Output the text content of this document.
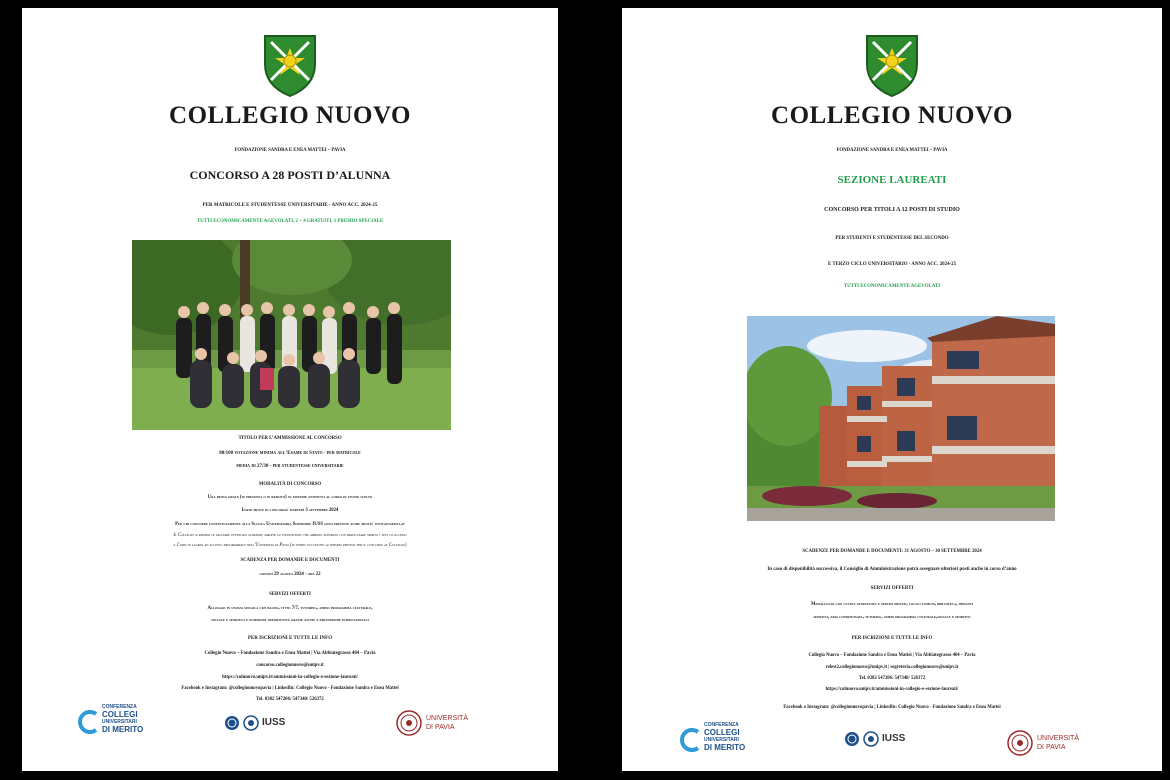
COLLEGIO NUOVO
FONDAZIONE SANDRA E ENEA MATTEI – PAVIA
CONCORSO A 28 POSTI D’ALUNNA
PER MATRICOLE E STUDENTESSE UNIVERSITARIE - ANNO ACC. 2024-25
TUTTI ECONOMICAMENTE AGEVOLATI, 2 + 4 GRATUITI, 1 PREMIO SPECIALE
TITOLO PER L’AMMISSIONE AL CONCORSO
80/100 votazione minima all’Esame di Stato - per matricole
media di 27/30 - per studentesse universitarie
MODALITÀ DI CONCORSO
Una prova orale (in presenza o in remoto) su materie attinenti al corso di studio scelto
Inizio prove di concorso: martedì 3 settembre 2024
Per chi concorre contestualmente alla Scuola Universitaria Superiore IUSS sono previste altre prove: www.iusspavia.it
Il Collegio si riserva di valutare eventuali domande tardive di studentesse che abbiano superato con particolare merito i test di accesso
a Corsi di laurea ad accesso programmato nell’Università di Pavia (in tempo successivo ai termini previsti per il concorso al Collegio)
SCADENZA PER DOMANDE E DOCUMENTI
giovedì 29 agosto 2024 - ore 22
SERVIZI OFFERTI
Alloggio in stanza singola con bagno, vitto 7/7, tutoring, ampio programma culturale,
sociale e sportivo e numerose opportunità grazie anche a partnership internazionali
PER ISCRIZIONI E TUTTE LE INFO
Collegio Nuovo – Fondazione Sandra e Enea Mattei | Via Abbiategrasso 404 – Pavia
concorso.collegionuovo@unipv.it
https://colnuovo.unipv.it/ammissioni-in-collegio-e-sezione-laureati/
Facebook e Instagram: @collegionuovopavia | LinkedIn: Collegio Nuovo - Fondazione Sandra e Enea Mattei
Tel. 0382 547206/ 547340/ 526372
CONFERENZA
COLLEGI
UNIVERSITARI
DI MERITO
IUSS	UNIVERSITÀ
DI PAVIA
COLLEGIO NUOVO
FONDAZIONE SANDRA E ENEA MATTEI – PAVIA
SEZIONE LAUREATI
CONCORSO PER TITOLI A 12 POSTI DI STUDIO
PER STUDENTI E STUDENTESSE DEL SECONDO
E TERZO CICLO UNIVERSITARIO - ANNO ACC. 2024-25
TUTTI ECONOMICAMENTE AGEVOLATI
SCADENZE PER DOMANDE E DOCUMENTI: 31 AGOSTO – 30 SETTEMBRE 2024
In caso di disponibilità successiva, il Consiglio di Amministrazione potrà assegnare ulteriori posti anche in corso d’anno
SERVIZI OFFERTI
Minialloggi con cucina attrezzata e servizi privati, locali comuni, biblioteca, impianti
sportivi, aria condizionata, tutoring, ampio programma culturale,sociale e sportivo
PER ISCRIZIONI E TUTTE LE INFO
Collegio Nuovo – Fondazione Sandra e Enea Mattei | Via Abbiategrasso 404 – Pavia
relest2.collegionuovo@unipv.it | segreteria.collegionuovo@unipv.it
Tel. 0382 547206/ 547340/ 526372
https://colnuovo.unipv.it/ammissioni-in-collegio-e-sezione-laureati/
Facebook e Instagram: @collegionuovopavia | LinkedIn: Collegio Nuovo - Fondazione Sandra e Enea Mattei
CONFERENZA
COLLEGI
UNIVERSITARI
DI MERITO
IUSS	UNIVERSITÀ
DI PAVIA
